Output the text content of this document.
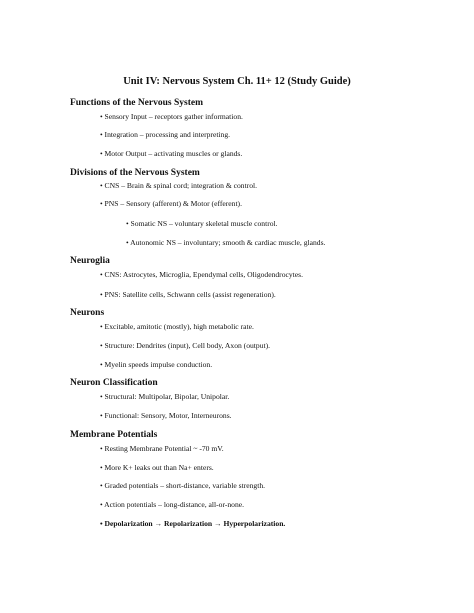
Unit IV: Nervous System Ch. 11+ 12 (Study Guide)
Functions of the Nervous System
• Sensory Input – receptors gather information.
• Integration – processing and interpreting.
• Motor Output – activating muscles or glands.
Divisions of the Nervous System
• CNS – Brain & spinal cord; integration & control.
• PNS – Sensory (afferent) & Motor (efferent).
• Somatic NS – voluntary skeletal muscle control.
• Autonomic NS – involuntary; smooth & cardiac muscle, glands.
Neuroglia
• CNS: Astrocytes, Microglia, Ependymal cells, Oligodendrocytes.
• PNS: Satellite cells, Schwann cells (assist regeneration).
Neurons
• Excitable, amitotic (mostly), high metabolic rate.
• Structure: Dendrites (input), Cell body, Axon (output).
• Myelin speeds impulse conduction.
Neuron Classification
• Structural: Multipolar, Bipolar, Unipolar.
• Functional: Sensory, Motor, Interneurons.
Membrane Potentials
• Resting Membrane Potential ~ -70 mV.
• More K+ leaks out than Na+ enters.
• Graded potentials – short-distance, variable strength.
• Action potentials – long-distance, all-or-none.
• Depolarization → Repolarization → Hyperpolarization.
